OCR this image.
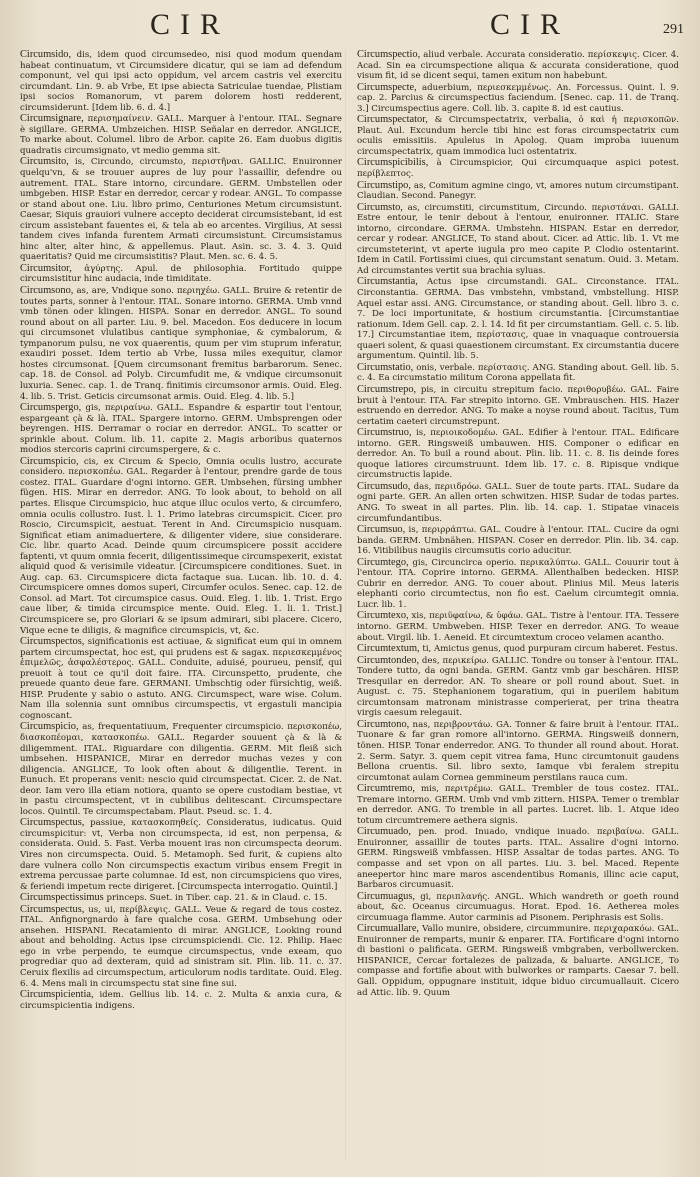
CIR	CIR	291

Circumsido, dis, idem quod circumsedeo, nisi quod modum quendam habeat continuatum, vt Circumsidere dicatur, qui se iam ad defendum componunt, vel qui ipsi acto oppidum, vel arcem castris vel exercitu circumdant. Lin. 9. ab Vrbe, Et ipse abiecta Satriculae tuendae, Plistiam ipsi socios Romanorum, vt parem dolorem hosti redderent, circumsiderunt. [Idem lib. 6. d. 4.]

Circumsignare, περισημαίνειν. GALL. Marquer à l'entour. ITAL. Segnare è sigillare. GERMA. Umbzeichen. HISP. Señalar en derredor. ANGLICE, To marke about. Columel. libro de Arbor. capite 26. Eam duobus digitis quadratis circumsignato, vt medio gemma sit.

Circumsito, is, Circundo, circumsto, περιστῆναι. GALLIC. Enuironner quelqu'vn, & se trouuer aupres de luy pour l'assaillir, defendre ou autrement. ITAL. Stare intorno, circundare. GERM. Umbstellen oder umbgeben. HISP. Estar en derredor, cercar y rodear. ANGL. To compasse or stand about one. Liu. libro primo, Centuriones Metum circumsistunt. Caesar, Siquis grauiori vulnere accepto deciderat circumsistebant, id est circum assistebant fauentes ei, & tela ab eo arcentes. Virgilius, At sessi tandem cives infanda furentem Armati circumsistunt. Circumsistamus hinc alter, alter hinc, & appellemus. Plaut. Asin. sc. 3. 4. 3. Quid quaeritatis? Quid me circumsistitis? Plaut. Men. sc. 6. 4. 5.

Circumsitor, ἀγύρτης. Apul. de philosophia. Fortitudo quippe circumsistitur hinc audacia, inde timiditate.

Circumsono, as, are, Vndique sono. περιηχέω. GALL. Bruire & retentir de toutes parts, sonner à l'entour. ITAL. Sonare intorno. GERMA. Umb vnnd vmb tönen oder klingen. HISPA. Sonar en derredor. ANGL. To sound round about on all parter. Liu. 9. bel. Macedon. Eos deducere in locum qui circumsonet vlulatibus cantique symphoniae, & cymbalorum, & tympanorum pulsu, ne vox quaerentis, quum per vim stuprum inferatur, exaudiri posset. Idem tertio ab Vrbe, Iussa miles exequitur, clamor hostes circumsonat. [Quem circumsonant fremitus barbarorum. Senec. cap. 18. de Consol. ad Polyb. Circumfudit me, & vndique circumsonuit luxuria. Senec. cap. 1. de Tranq. finitimis circumsonor armis. Ouid. Eleg. 4. lib. 5. Trist. Geticis circumsonat armis. Ouid. Eleg. 4. lib. 5.]

Circumspergo, gis, περιραίνω. GALL. Espandre & espartir tout l'entour, espargeant çà & là. ITAL. Spargere intorno. GERM. Umbsprengen oder beyrengen. HIS. Derramar o rociar en derredor. ANGL. To scatter or sprinkle about. Colum. lib. 11. capite 2. Magis arboribus quaternos modios stercoris caprini circumspergere, & c.

Circumspicio, cis, ex Circum & Specio, Omnia oculis lustro, accurate considero. περισκοπέω. GAL. Regarder à l'entour, prendre garde de tous costez. ITAL. Guardare d'ogni intorno. GER. Umbsehen, fürsing umbher fügen. HIS. Mirar en derredor. ANG. To look about, to behold on all partes. Elisque Circumspicio, huc atque illuc oculos verto, & circumfero, omnia oculis collustro. Iust. l. 1. Primo latebras circumspicit. Cicer. pro Roscio, Circumspicit, aestuat. Terent in And. Circumspicio nusquam. Significat etiam animaduertere, & diligenter videre, siue considerare. Cic. libr. quarto Acad. Deinde quum circumspicere possit accidere faptenti, vt quum omnia fecerit, diligentissimeque circumspexerit, existat aliquid quod & verisimile videatur. [Circumspicere conditiones. Suet. in Aug. cap. 63. Circumspicere dicta factaque sua. Lucan. lib. 10. d. 4. Circumspicere omnes domos superi, Circumfer oculos. Senec. cap. 12. de Consol. ad Mart. Tot circumspice casus. Ouid. Eleg. 1. lib. 1. Trist. Ergo caue liber, & timida circumspice mente. Ouid. Eleg. 1. li. 1. Trist.] Circumspicere se, pro Gloriari & se ipsum admirari, sibi placere. Cicero, Vique ecne te diligis, & magnifice circumspicis, vt, &c.

Circumspectos, significationis est actiuae, & significat eum qui in omnem partem circumspectat, hoc est, qui prudens est & sagax. περιεσκεμμένος ἐπιμελῶς, ἀσφαλέστερος. GALL. Conduite, aduisé, pourueu, pensif, qui preuoit à tout ce qu'il doit faire. ITA. Circunspetto, prudente, che preuede quanto deue fare. GERMANI. Umbschtig oder fürsichtig, weiß. HISP. Prudente y sabio o astuto. ANG. Circumspect, ware wise. Colum. Nam illa solennia sunt omnibus circumspectis, vt ergastuli mancipia cognoscant.

Circumspicio, as, frequentatiuum, Frequenter circumspicio. περισκοπέω, διασκοπέομαι, κατασκοπέω. GALL. Regarder souuent çà & là & diligemment. ITAL. Riguardare con diligentia. GERM. Mit fleiß sich umbsehen. HISPANICE, Mirar en derredor muchas vezes y con diligencia. ANGLICE, To look often about & diligentlie. Terent. in Eunuch. Et properans venit: nescio quid circumspectat. Cicer. 2. de Nat. deor. Iam vero illa etiam notiora, quanto se opere custodiam bestiae, vt in pastu circumspectent, vt in cubilibus delitescant. Circumspectare locos. Quintil. Te circumspectabam. Plaut. Pseud. sc. 1. 4.

Circumspectus, passiue, κατασκοπηθείς. Consideratus, iudicatus. Quid circumspicitur: vt, Verba non circumspecta, id est, non perpensa, & considerata. Ouid. 5. Fast. Verba mouent iras non circumspecta deorum. Vires non circumspecta. Ouid. 5. Metamoph. Sed furit, & cupiens alto dare vulnera collo Non circumspectis exactum viribus ensem Fregit in extrema percussae parte columnae. Id est, non circumspiciens quo vires, & feriendi impetum recte dirigeret. [Circumspecta interrogatio. Quintil.]

Circumspectissimus princeps. Suet. in Tiber. cap. 21. & in Claud. c. 15.

Circumspectus, us, ui, περίβλεψις. GALL. Veue & regard de tous costez. ITAL. Anfignorgnardo à fare qualche cosa. GERM. Umbsehung oder ansehen. HISPANI. Recatamiento di mirar. ANGLICE, Looking round about and beholding. Actus ipse circumspiciendi. Cic. 12. Philip. Haec ego in vrbe perpendo, te eumque circumspectus, vnde exeam, quo progrediar quo ad dexteram, quid ad sinistram sit. Plin. lib. 11. c. 37. Ceruix flexilis ad circumspectum, articulorum nodis tarditate. Ouid. Eleg. 6. 4. Mens mali in circumspectu stat sine fine sui.

Circumspicientia, idem. Gellius lib. 14. c. 2. Multa & anxia cura, & circumspicientia indigens.

Circumspectio, aliud verbale. Accurata consideratio. περίσκεψις. Cicer. 4. Acad. Sin ea circumspectione aliqua & accurata consideratione, quod visum fit, id se dicent sequi, tamen exitum non habebunt.

Circumspecte, aduerbium, περιεσκεμμένως. An. Forcessus. Quint. l. 9. cap. 2. Parcius & circumspectius faciendum. [Senec. cap. 11. de Tranq. 3.] Circumspectius agere. Coll. lib. 3. capite 8. id est cautius.

Circumspectator, & Circumspectatrix, verbalia, ὁ καὶ ἡ περισκοπῶν. Plaut. Aul. Excundum hercle tibi hinc est foras circumspectatrix cum oculis emissitiis. Apuleius in Apolog. Quam improba iuuenum circumspectatrix, quam immodica luci ostentatrix.

Circumspicibilis, à Circumspicior, Qui circumquaque aspici potest. περίβλεπτος.

Circumstipo, as, Comitum agmine cingo, vt, amores nutum circumstipant. Claudian. Second. Panegyr.

Circumsto, as, circumstiti, circumstitum, Circundo. περιστάναι. GALLI. Estre entour, le tenir debout à l'entour, enuironner. ITALIC. Stare intorno, circondare. GERMA. Umbstehn. HISPAN. Estar en derredor, cercar y rodear. ANGLICE, To stand about. Cicer. ad Attic. lib. 1. Vt me circumsteterint, vt aperte iugula pro meo capite P. Clodio ostentarint. Idem in Catil. Fortissimi ciues, qui circumstant senatum. Ouid. 3. Metam. Ad circumstantes vertit sua brachia syluas.

Circumstantia, Actus ipse circumstandi. GAL. Circonstance. ITAL. Circonstantia. GERMA. Das vmbstehn, vmbstand, vmbstellung. HISP. Aquel estar assi. ANG. Circumstance, or standing about. Gell. libro 3. c. 7. De loci importunitate, & hostium circumstantia. [Circumstantiae rationum. Idem Gell. cap. 2. l. 14. Id fit per circumstantiam. Gell. c. 5. lib. 17.] Circumstantiae item, περίστασις, quae in vnaquaque controuersia quaeri solent, & quasi quaestionem circumstant. Ex circumstantia ducere argumentum. Quintil. lib. 5.

Circumstatio, onis, verbale. περίστασις. ANG. Standing about. Gell. lib. 5. c. 4. Ea circumstatio militum Corona appellata fit.

Circumstrepo, pis, in circuitu strepitum facio. περιθορυβέω. GAL. Faire bruit à l'entour. ITA. Far strepito intorno. GE. Vmbrauschen. HIS. Hazer estruendo en derredor. ANG. To make a noyse round about. Tacitus, Tum certatim caeteri circumstrepunt.

Circumstruo, is, περιοικοδομέω. GAL. Edifier à l'entour. ITAL. Edificare intorno. GER. Ringsweiß umbauwen. HIS. Componer o edificar en derredor. An. To buil a round about. Plin. lib. 11. c. 8. Iis deinde fores quoque latiores circumstruunt. Idem lib. 17. c. 8. Ripisque vndique circumstructis lapide.

Circumsudo, das, περιιδρόω. GALL. Suer de toute parts. ITAL. Sudare da ogni parte. GER. An allen orten schwitzen. HISP. Sudar de todas partes. ANG. To sweat in all partes. Plin. lib. 14. cap. 1. Stipatae vinaceis circumfundantibus.

Circumsuo, is, περιρράπτω. GAL. Coudre à l'entour. ITAL. Cucire da ogni banda. GERM. Umbnähen. HISPAN. Coser en derredor. Plin. lib. 34. cap. 16. Vitibilibus naugiis circumsutis corio aducitur.

Circumtego, gis, Circuncirca operio. περικαλύπτω. GALL. Couurir tout à l'entour. ITA. Coprire intorno. GERMA. Allenthalben bedecken. HISP. Cubrir en derredor. ANG. To couer about. Plinius Mil. Meus lateris elephanti corio circumtectus, non fio est. Caelum circumtegit omnia. Lucr. lib. 1.

Circumtexo, xis, περιϋφαίνω, & ὑφάω. GAL. Tistre à l'entour. ITA. Tessere intorno. GERM. Umbweben. HISP. Texer en derredor. ANG. To weaue about. Virgil. lib. 1. Aeneid. Et circumtextum croceo velamen acantho.

Circumtextum, ti, Amictus genus, quod purpuram circum haberet. Festus.

Circumtondeo, des, περικείρω. GALLIC. Tondre ou tonser à l'entour. ITAL. Tondere tutto, da ogni banda. GERM. Gantz vmb gar beschären. HISP. Tresquilar en derredor. AN. To sheare or poll round about. Suet. in August. c. 75. Stephanionem togaratium, qui in puerilem habitum circumtonsam matronam ministrasse comperierat, per trina theatra virgis caesum relegauit.

Circumtono, nas, περιβροντάω. GA. Tonner & faire bruit à l'entour. ITAL. Tuonare & far gran romore all'intorno. GERMA. Ringsweiß donnern, tönen. HISP. Tonar enderredor. ANG. To thunder all round about. Horat. 2. Serm. Satyr. 3. quem cepit vitrea fama, Hunc circumtonuit gaudens Bellona cruentis. Sil. libro sexto, Iamque vbi feralem strepitu circumtonat aulam Cornea gemmineum perstilans rauca cum.

Circumtremo, mis, περιτρέμω. GALL. Trembler de tous costez. ITAL. Tremare intorno. GERM. Umb vnd vmb zittern. HISPA. Temer o tremblar en derredor. ANG. To tremble in all partes. Lucret. lib. 1. Atque ideo totum circumtremere aethera signis.

Circumuado, pen. prod. Inuado, vndique inuado. περιβαίνω. GALL. Enuironner, assaillir de toutes parts. ITAL. Assalire d'ogni intorno. GERM. Ringsweiß vmbfassen. HISP. Assaltar de todas partes. ANG. To compasse and set vpon on all partes. Liu. 3. bel. Maced. Repente aneepertor hinc mare maros ascendentibus Romanis, illinc acie caput, Barbaros circumuasit.

Circumuagus, gi, περιπλανής. ANGL. Which wandreth or goeth round about, &c. Oceanus circumuagus. Horat. Epod. 16. Aetherea moles circumuaga flamme. Autor carminis ad Pisonem. Periphrasis est Solis.

Circumuallare, Vallo munire, obsidere, circummunire. περιχαρακόω. GAL. Enuironner de remparts, munir & enparer. ITA. Fortificare d'ogni intorno di bastioni o palificata. GERM. Ringsweiß vmbgraben, verbollwercken. HISPANICE, Cercar fortalezes de palizada, & baluarte. ANGLICE, To compasse and fortifie about with bulworkes or ramparts. Caesar 7. bell. Gall. Oppidum, oppugnare instituit, idque biduo circumuallauit. Cicero ad Attic. lib. 9. Quum
